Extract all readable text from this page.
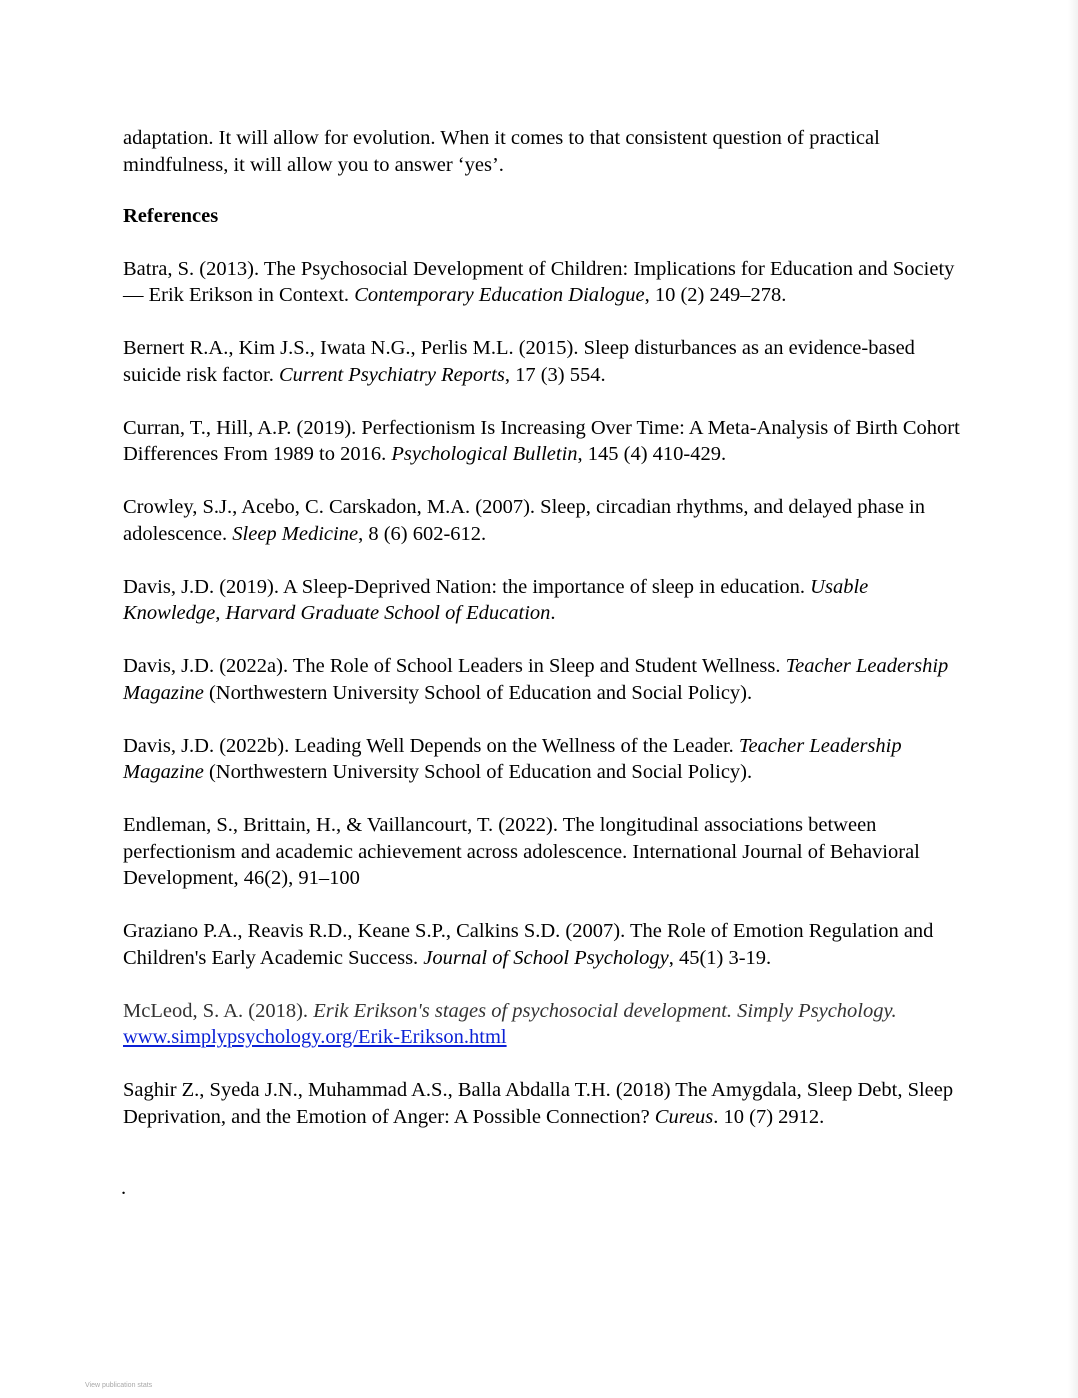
adaptation. It will allow for evolution. When it comes to that consistent question of practical mindfulness, it will allow you to answer ‘yes’.

References

Batra, S. (2013). The Psychosocial Development of Children: Implications for Education and Society — Erik Erikson in Context. Contemporary Education Dialogue, 10 (2) 249–278.

Bernert R.A., Kim J.S., Iwata N.G., Perlis M.L. (2015). Sleep disturbances as an evidence-based suicide risk factor. Current Psychiatry Reports, 17 (3) 554.

Curran, T., Hill, A.P. (2019). Perfectionism Is Increasing Over Time: A Meta-Analysis of Birth Cohort Differences From 1989 to 2016. Psychological Bulletin, 145 (4) 410-429.

Crowley, S.J., Acebo, C. Carskadon, M.A. (2007). Sleep, circadian rhythms, and delayed phase in adolescence. Sleep Medicine, 8 (6) 602-612.

Davis, J.D. (2019). A Sleep-Deprived Nation: the importance of sleep in education. Usable Knowledge, Harvard Graduate School of Education.

Davis, J.D. (2022a). The Role of School Leaders in Sleep and Student Wellness. Teacher Leadership Magazine (Northwestern University School of Education and Social Policy).

Davis, J.D. (2022b). Leading Well Depends on the Wellness of the Leader. Teacher Leadership Magazine (Northwestern University School of Education and Social Policy).

Endleman, S., Brittain, H., & Vaillancourt, T. (2022). The longitudinal associations between perfectionism and academic achievement across adolescence. International Journal of Behavioral Development, 46(2), 91–100

Graziano P.A., Reavis R.D., Keane S.P., Calkins S.D. (2007). The Role of Emotion Regulation and Children's Early Academic Success. Journal of School Psychology, 45(1) 3-19.

McLeod, S. A. (2018). Erik Erikson's stages of psychosocial development. Simply Psychology.
www.simplypsychology.org/Erik-Erikson.html

Saghir Z., Syeda J.N., Muhammad A.S., Balla Abdalla T.H. (2018) The Amygdala, Sleep Debt, Sleep Deprivation, and the Emotion of Anger: A Possible Connection? Cureus. 10 (7) 2912.

.
View publication stats
